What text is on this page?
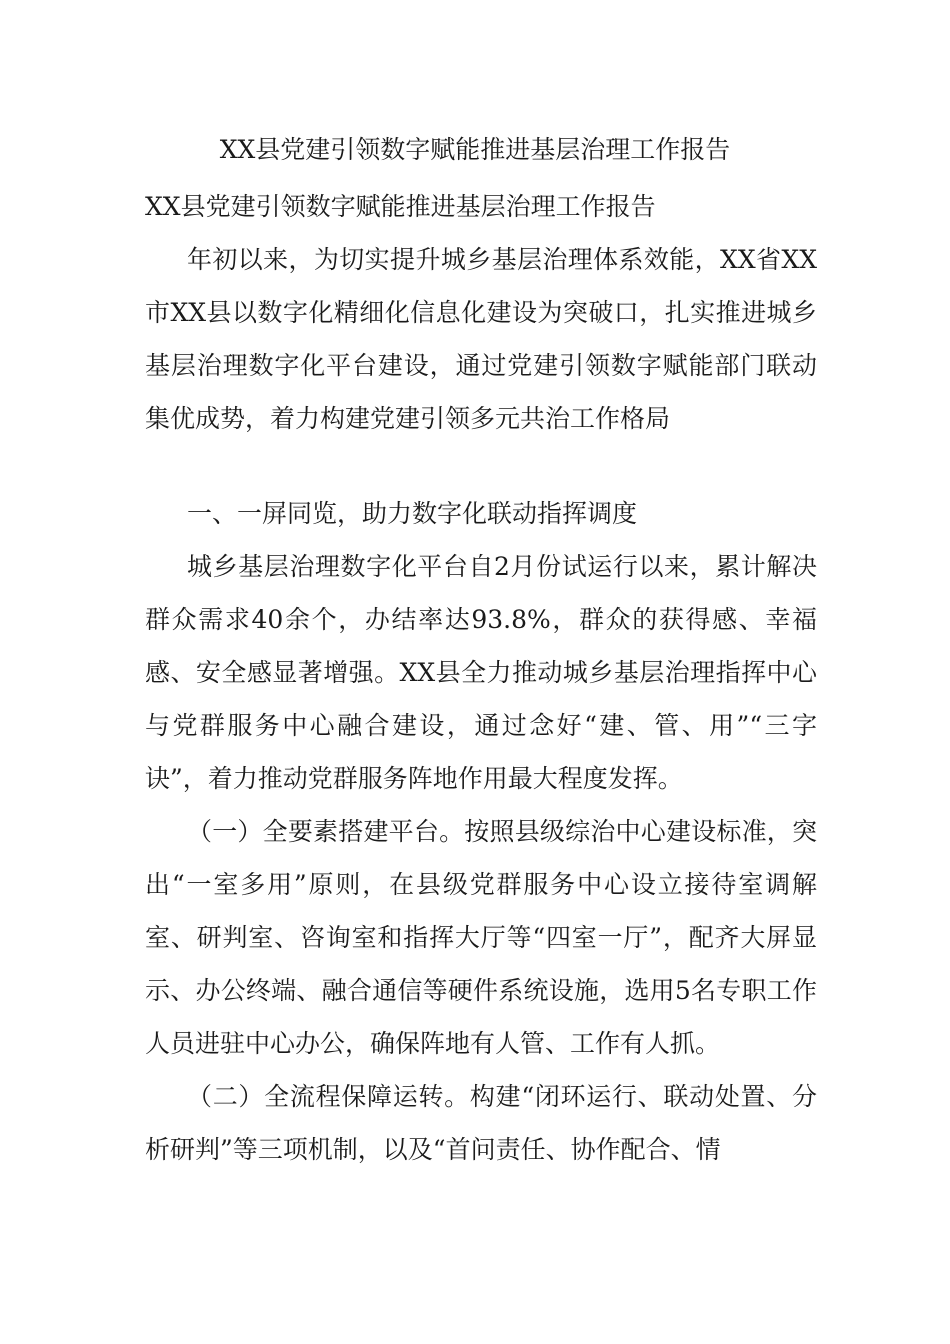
XX县党建引领数字赋能推进基层治理工作报告

XX县党建引领数字赋能推进基层治理工作报告

年初以来，为切实提升城乡基层治理体系效能，XX省XX市XX县以数字化精细化信息化建设为突破口，扎实推进城乡基层治理数字化平台建设，通过党建引领数字赋能部门联动集优成势，着力构建党建引领多元共治工作格局

一、一屏同览，助力数字化联动指挥调度

城乡基层治理数字化平台自2月份试运行以来，累计解决群众需求40余个，办结率达93.8%，群众的获得感、幸福感、安全感显著增强。XX县全力推动城乡基层治理指挥中心与党群服务中心融合建设，通过念好“建、管、用”“三字诀”，着力推动党群服务阵地作用最大程度发挥。

（一）全要素搭建平台。按照县级综治中心建设标准，突出“一室多用”原则，在县级党群服务中心设立接待室调解室、研判室、咨询室和指挥大厅等“四室一厅”，配齐大屏显示、办公终端、融合通信等硬件系统设施，选用5名专职工作人员进驻中心办公，确保阵地有人管、工作有人抓。

（二）全流程保障运转。构建“闭环运行、联动处置、分析研判”等三项机制，以及“首问责任、协作配合、情
